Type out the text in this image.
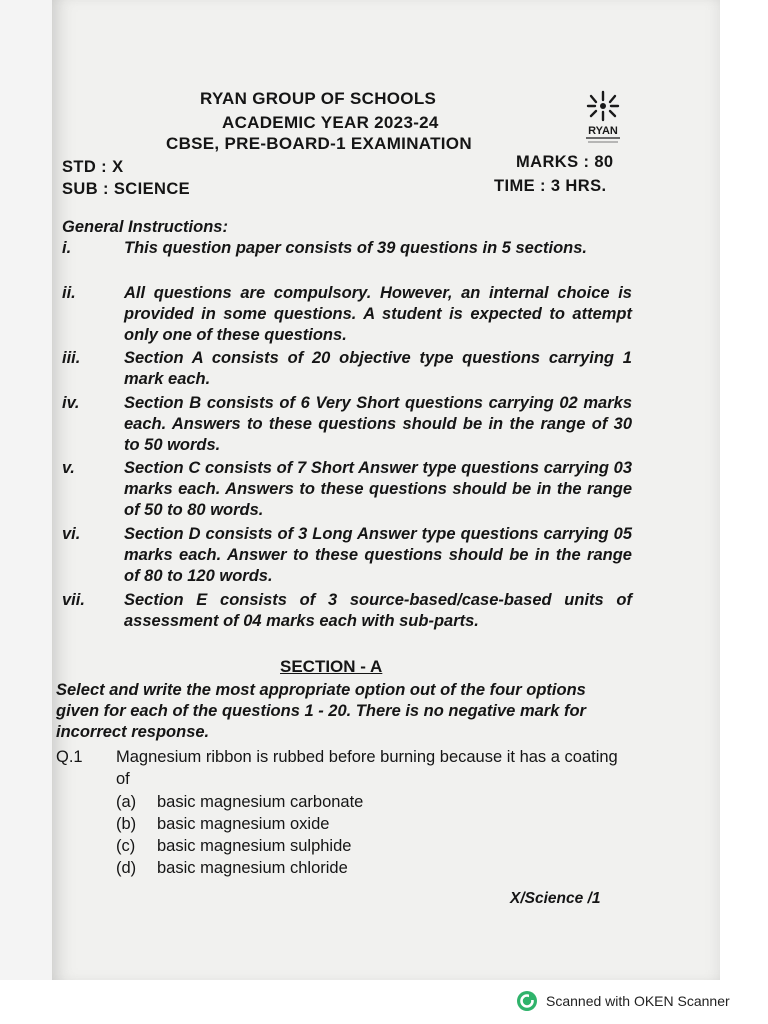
RYAN GROUP OF SCHOOLS
ACADEMIC YEAR 2023-24
CBSE, PRE-BOARD-1 EXAMINATION
RYAN
STD : X	MARKS : 80
SUB : SCIENCE	TIME : 3 HRS.
General Instructions:
i.	This question paper consists of 39 questions in 5 sections.
ii.	All questions are compulsory. However, an internal choice is provided in some questions. A student is expected to attempt only one of these questions.
iii.	Section A consists of 20 objective type questions carrying 1 mark each.
iv.	Section B consists of 6 Very Short questions carrying 02 marks each. Answers to these questions should be in the range of 30 to 50 words.
v.	Section C consists of 7 Short Answer type questions carrying 03 marks each. Answers to these questions should be in the range of 50 to 80 words.
vi.	Section D consists of 3 Long Answer type questions carrying 05 marks each. Answer to these questions should be in the range of 80 to 120 words.
vii. Section E consists of 3 source-based/case-based units of assessment of 04 marks each with sub-parts.
SECTION - A
Select and write the most appropriate option out of the four options given for each of the questions 1 - 20. There is no negative mark for incorrect response.
Q.1 Magnesium ribbon is rubbed before burning because it has a coating of
(a) basic magnesium carbonate
(b) basic magnesium oxide
(c) basic magnesium sulphide
(d) basic magnesium chloride
X/Science /1
Scanned with OKEN Scanner
